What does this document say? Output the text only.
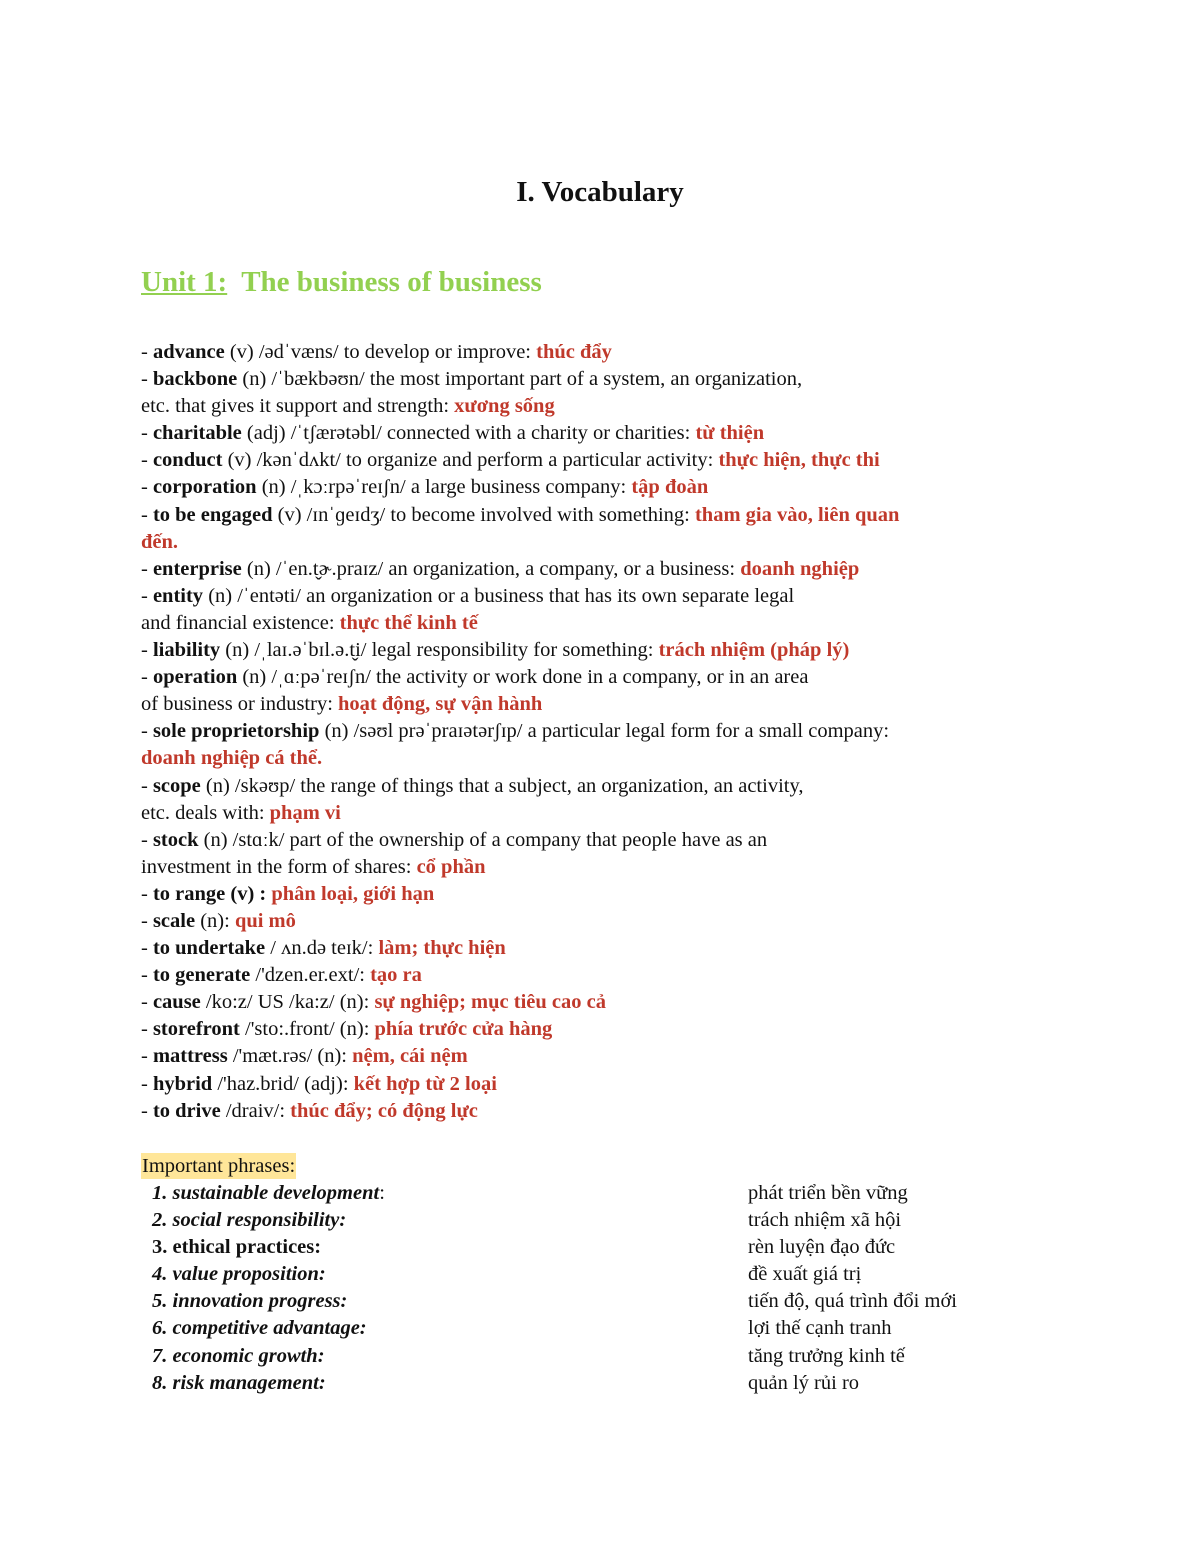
I. Vocabulary
Unit 1: The business of business
- advance (v) /ədˈvæns/ to develop or improve: thúc đẩy
- backbone (n) /ˈbækbəʊn/ the most important part of a system, an organization,
etc. that gives it support and strength: xương sống
- charitable (adj) /ˈtʃærətəbl/ connected with a charity or charities: từ thiện
- conduct (v) /kənˈdʌkt/ to organize and perform a particular activity: thực hiện, thực thi
- corporation (n) /ˌkɔːrpəˈreɪʃn/ a large business company: tập đoàn
- to be engaged (v) /ɪnˈɡeɪdʒ/ to become involved with something: tham gia vào, liên quan
đến.
- enterprise (n) /ˈen.t̬ɚ.praɪz/ an organization, a company, or a business: doanh nghiệp
- entity (n) /ˈentəti/ an organization or a business that has its own separate legal
and financial existence: thực thể kinh tế
- liability (n) /ˌlaɪ.əˈbɪl.ə.t̬i/ legal responsibility for something: trách nhiệm (pháp lý)
- operation (n) /ˌɑːpəˈreɪʃn/ the activity or work done in a company, or in an area
of business or industry: hoạt động, sự vận hành
- sole proprietorship (n) /səʊl prəˈpraɪətərʃɪp/ a particular legal form for a small company:
doanh nghiệp cá thể.
- scope (n) /skəʊp/ the range of things that a subject, an organization, an activity,
etc. deals with: phạm vi
- stock (n) /stɑːk/ part of the ownership of a company that people have as an
investment in the form of shares: cổ phần
- to range (v) : phân loại, giới hạn
- scale (n): qui mô
- to undertake / ʌn.də teɪk/: làm; thực hiện
- to generate /'dzen.er.ext/: tạo ra
- cause /ko:z/ US /ka:z/ (n): sự nghiệp; mục tiêu cao cả
- storefront /'sto:.front/ (n): phía trước cửa hàng
- mattress /'mæt.rəs/ (n): nệm, cái nệm
- hybrid /'haz.brid/ (adj): kết hợp từ 2 loại
- to drive /draiv/: thúc đẩy; có động lực
Important phrases:
1. sustainable development:	phát triển bền vững
2. social responsibility:	trách nhiệm xã hội
3. ethical practices:	rèn luyện đạo đức
4. value proposition:	đề xuất giá trị
5. innovation progress:	tiến độ, quá trình đổi mới
6. competitive advantage:	lợi thế cạnh tranh
7. economic growth:	tăng trưởng kinh tế
8. risk management:	quản lý rủi ro
